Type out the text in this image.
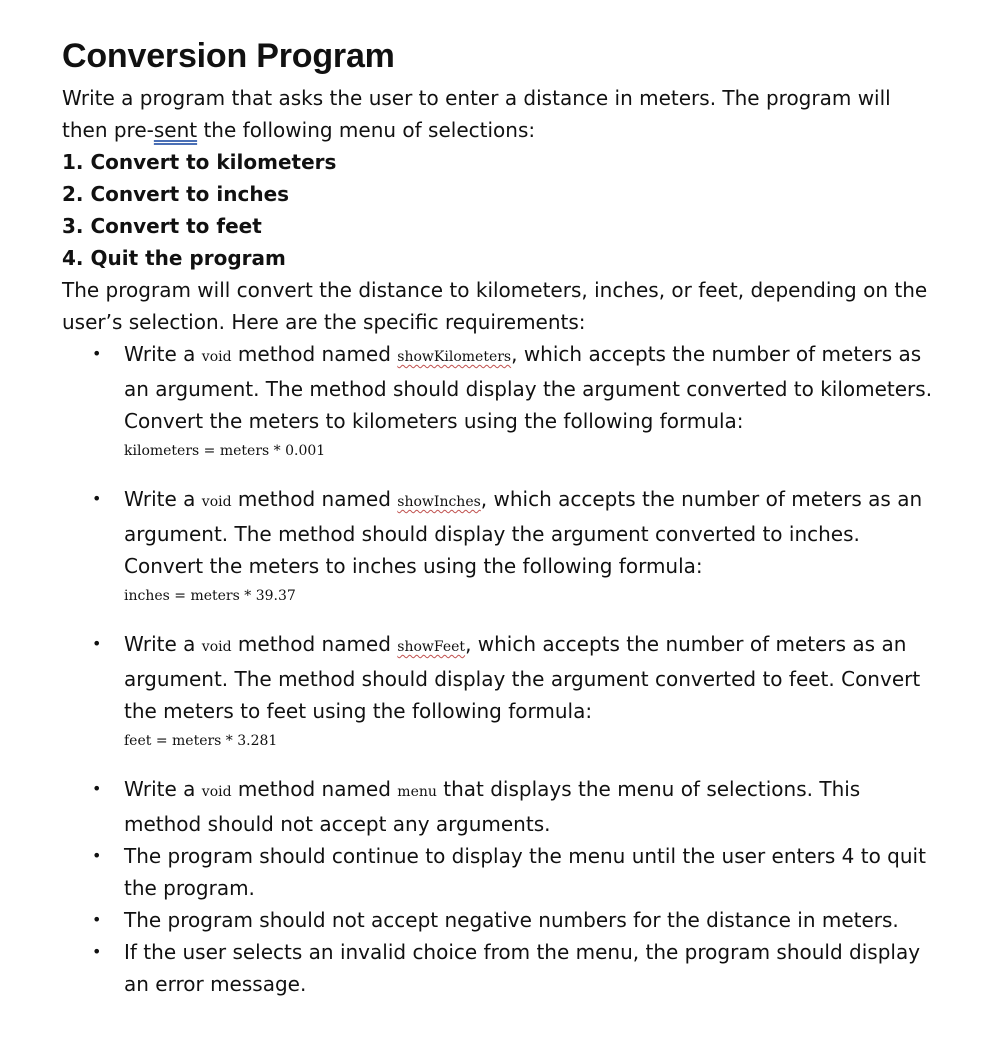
Conversion Program

Write a program that asks the user to enter a distance in meters. The program will then pre-sent the following menu of selections:

1. Convert to kilometers

2. Convert to inches

3. Convert to feet

4. Quit the program

The program will convert the distance to kilometers, inches, or feet, depending on the user’s selection. Here are the specific requirements:

• Write a void method named showKilometers, which accepts the number of meters as an argument. The method should display the argument converted to kilometers. Convert the meters to kilometers using the following formula:
kilometers = meters * 0.001
• Write a void method named showInches, which accepts the number of meters as an argument. The method should display the argument converted to inches. Convert the meters to inches using the following formula:
inches = meters * 39.37
• Write a void method named showFeet, which accepts the number of meters as an argument. The method should display the argument converted to feet. Convert the meters to feet using the following formula:
feet = meters * 3.281
• Write a void method named menu that displays the menu of selections. This method should not accept any arguments.
• The program should continue to display the menu until the user enters 4 to quit the program.
• The program should not accept negative numbers for the distance in meters.
• If the user selects an invalid choice from the menu, the program should display an error message.
